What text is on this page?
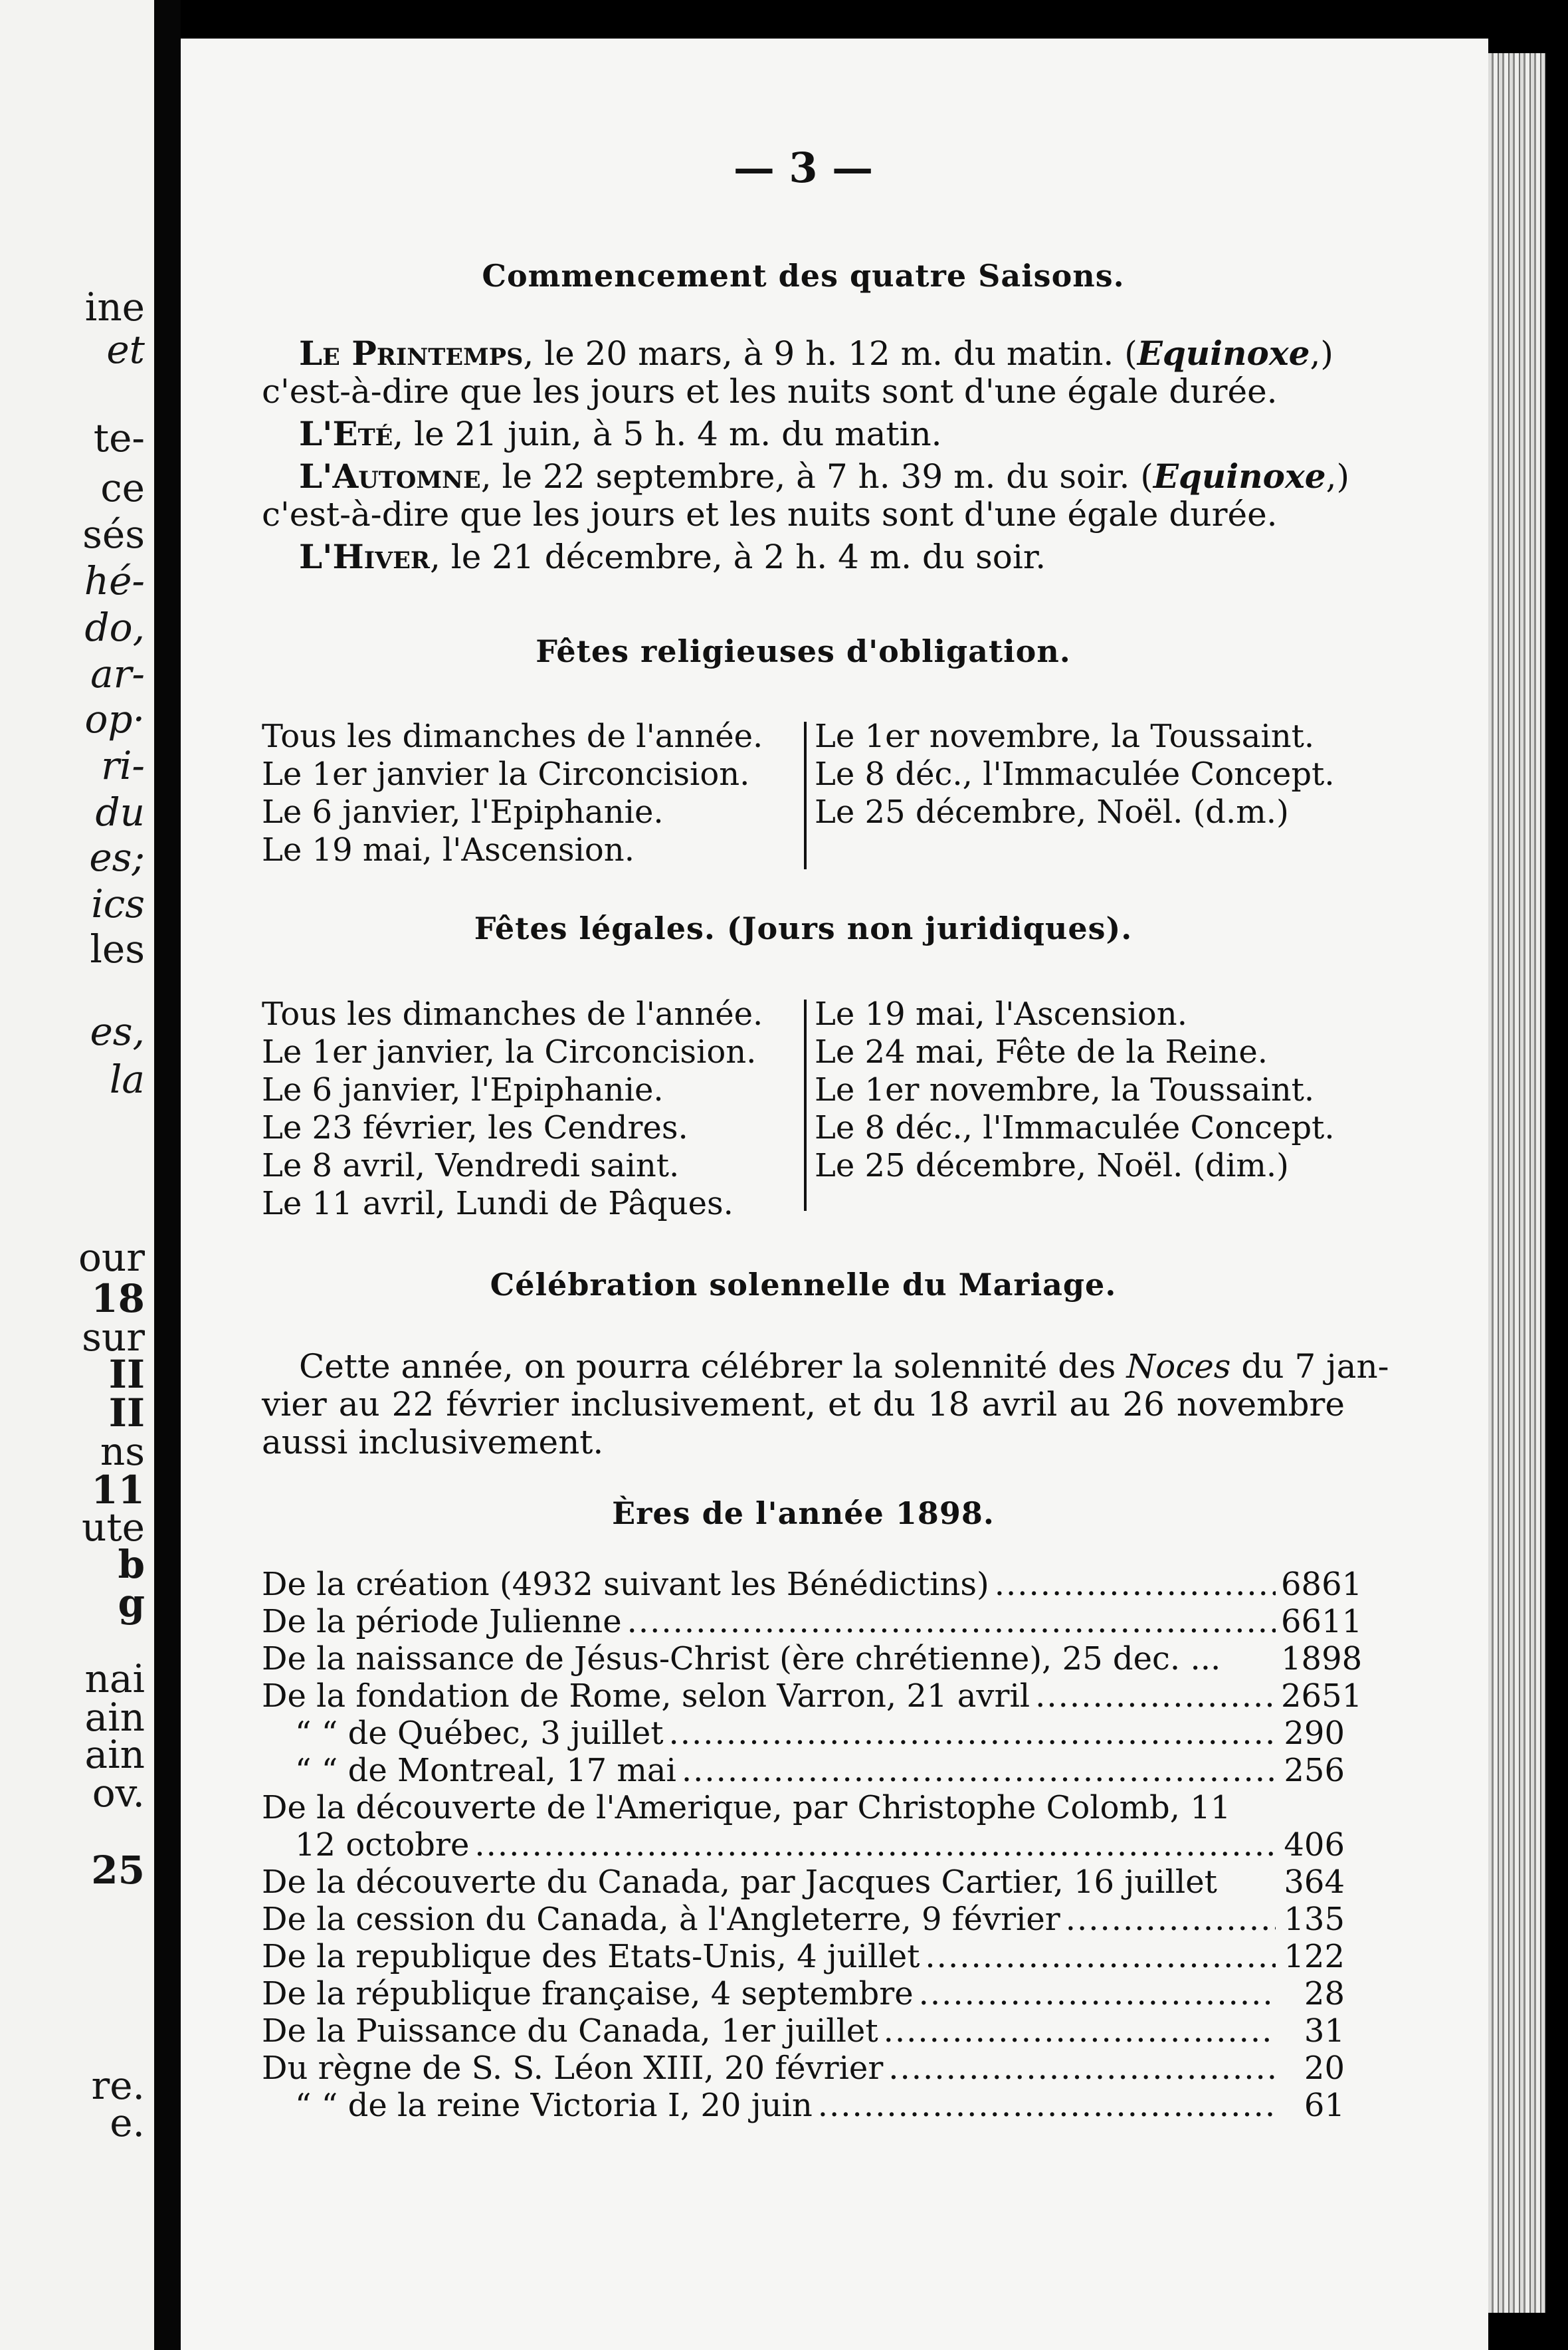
ine
et
te-
ce
sés
hé-
do,
ar-
op·
ri-
du
es;
ics
les
es,
la
our
18
sur
II
II
ns
11
ute
b
g
nai
ain
ain
ov.
25
re.
e.
— 3 —
Commencement des quatre Saisons.
Le Printemps, le 20 mars, à 9 h. 12 m. du matin. (Equinoxe,)
c'est-à-dire que les jours et les nuits sont d'une égale durée.
L'Eté, le 21 juin, à 5 h. 4 m. du matin.
L'Automne, le 22 septembre, à 7 h. 39 m. du soir. (Equinoxe,)
c'est-à-dire que les jours et les nuits sont d'une égale durée.
L'Hiver, le 21 décembre, à 2 h. 4 m. du soir.
Fêtes religieuses d'obligation.
Tous les dimanches de l'année.
Le 1er janvier la Circoncision.
Le 6 janvier, l'Epiphanie.
Le 19 mai, l'Ascension.
Le 1er novembre, la Toussaint.
Le 8 déc., l'Immaculée Concept.
Le 25 décembre, Noël. (d.m.)
Fêtes légales. (Jours non juridiques).
Tous les dimanches de l'année.
Le 1er janvier, la Circoncision.
Le 6 janvier, l'Epiphanie.
Le 23 février, les Cendres.
Le 8 avril, Vendredi saint.
Le 11 avril, Lundi de Pâques.
Le 19 mai, l'Ascension.
Le 24 mai, Fête de la Reine.
Le 1er novembre, la Toussaint.
Le 8 déc., l'Immaculée Concept.
Le 25 décembre, Noël. (dim.)
Célébration solennelle du Mariage.
Cette année, on pourra célébrer la solennité des Noces du 7 jan-
vier au 22 février inclusivement, et du 18 avril au 26 novembre
aussi inclusivement.
Ères de l'année 1898.
De la création (4932 suivant les Bénédictins) .....	6861
De la période Julienne .....	6611
De la naissance de Jésus-Christ (ère chrétienne), 25 dec. ... 1898
De la fondation de Rome, selon Varron, 21 avril .....	2651
“ “ de Québec, 3 juillet .....	290
“ “ de Montreal, 17 mai .....	256
De la découverte de l'Amerique, par Christophe Colomb, 11
12 octobre .....	406
De la découverte du Canada, par Jacques Cartier, 16 juillet 364
De la cession du Canada, à l'Angleterre, 9 février .....	135
De la republique des Etats-Unis, 4 juillet .....	122
De la république française, 4 septembre .....	28
De la Puissance du Canada, 1er juillet .....	31
Du règne de S. S. Léon XIII, 20 février .....	20
“ “ de la reine Victoria I, 20 juin .....	61
